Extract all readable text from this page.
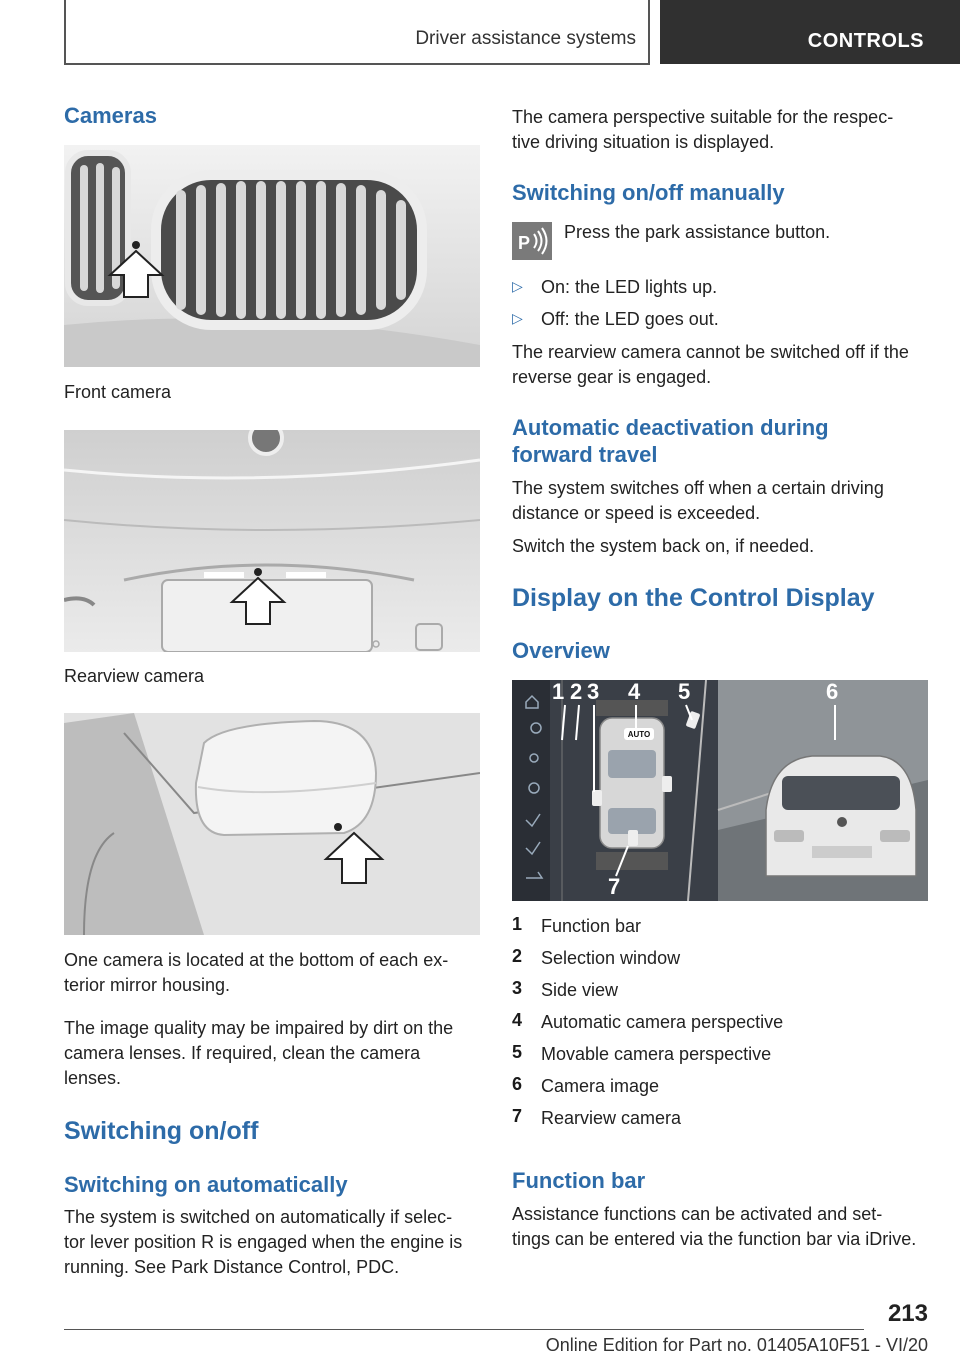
Driver assistance systems	CONTROLS
Cameras
Front camera
Rearview camera
One camera is located at the bottom of each ex-
terior mirror housing.
The image quality may be impaired by dirt on the camera lenses. If required, clean the camera lenses.
Switching on/off
Switching on automatically
The system is switched on automatically if selec-
tor lever position R is engaged when the engine is running. See Park Distance Control, PDC.
The camera perspective suitable for the respec-
tive driving situation is displayed.
Switching on/off manually
P
Press the park assistance button.
▷ On: the LED lights up.
▷ Off: the LED goes out.
The rearview camera cannot be switched off if the reverse gear is engaged.
Automatic deactivation during forward travel
The system switches off when a certain driving distance or speed is exceeded.
Switch the system back on, if needed.
Display on the Control Display
Overview
AUTO
1 2 3 4 5	6
7
1 Function bar
2 Selection window
3 Side view
4 Automatic camera perspective
5 Movable camera perspective
6 Camera image
7 Rearview camera
Function bar
Assistance functions can be activated and set-
tings can be entered via the function bar via iDrive.
213
Online Edition for Part no. 01405A10F51 - VI/20
